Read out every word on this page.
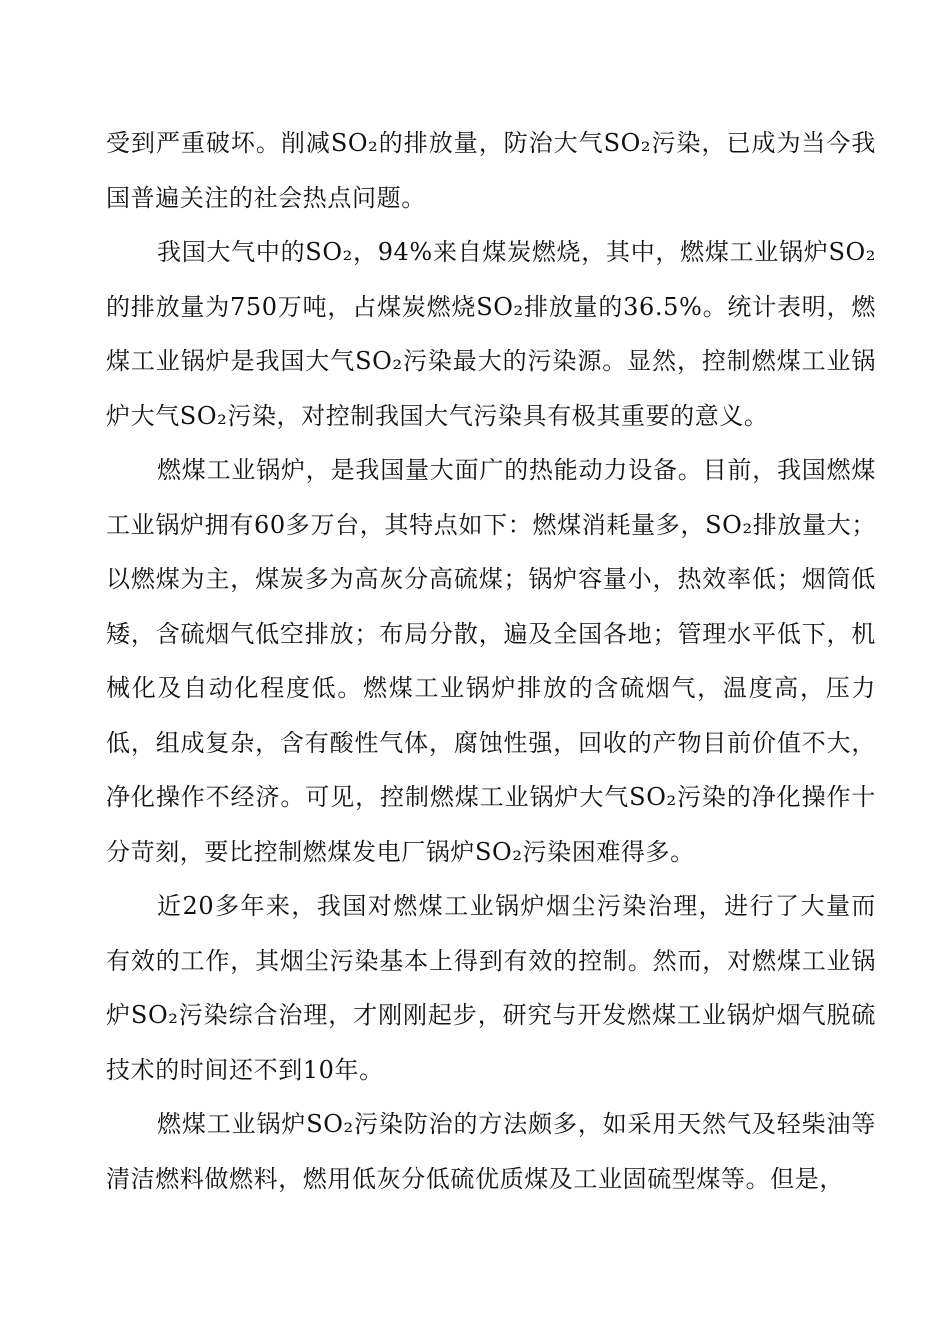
受到严重破坏。削减SO₂的排放量，防治大气SO₂污染，已成为当今我国普遍关注的社会热点问题。

我国大气中的SO₂，94%来自煤炭燃烧，其中，燃煤工业锅炉SO₂的排放量为750万吨，占煤炭燃烧SO₂排放量的36.5%。统计表明，燃煤工业锅炉是我国大气SO₂污染最大的污染源。显然，控制燃煤工业锅炉大气SO₂污染，对控制我国大气污染具有极其重要的意义。

燃煤工业锅炉，是我国量大面广的热能动力设备。目前，我国燃煤工业锅炉拥有60多万台，其特点如下：燃煤消耗量多，SO₂排放量大；以燃煤为主，煤炭多为高灰分高硫煤；锅炉容量小，热效率低；烟筒低矮，含硫烟气低空排放；布局分散，遍及全国各地；管理水平低下，机械化及自动化程度低。燃煤工业锅炉排放的含硫烟气，温度高，压力低，组成复杂，含有酸性气体，腐蚀性强，回收的产物目前价值不大，净化操作不经济。可见，控制燃煤工业锅炉大气SO₂污染的净化操作十分苛刻，要比控制燃煤发电厂锅炉SO₂污染困难得多。

近20多年来，我国对燃煤工业锅炉烟尘污染治理，进行了大量而有效的工作，其烟尘污染基本上得到有效的控制。然而，对燃煤工业锅炉SO₂污染综合治理，才刚刚起步，研究与开发燃煤工业锅炉烟气脱硫技术的时间还不到10年。

燃煤工业锅炉SO₂污染防治的方法颇多，如采用天然气及轻柴油等清洁燃料做燃料，燃用低灰分低硫优质煤及工业固硫型煤等。但是，
